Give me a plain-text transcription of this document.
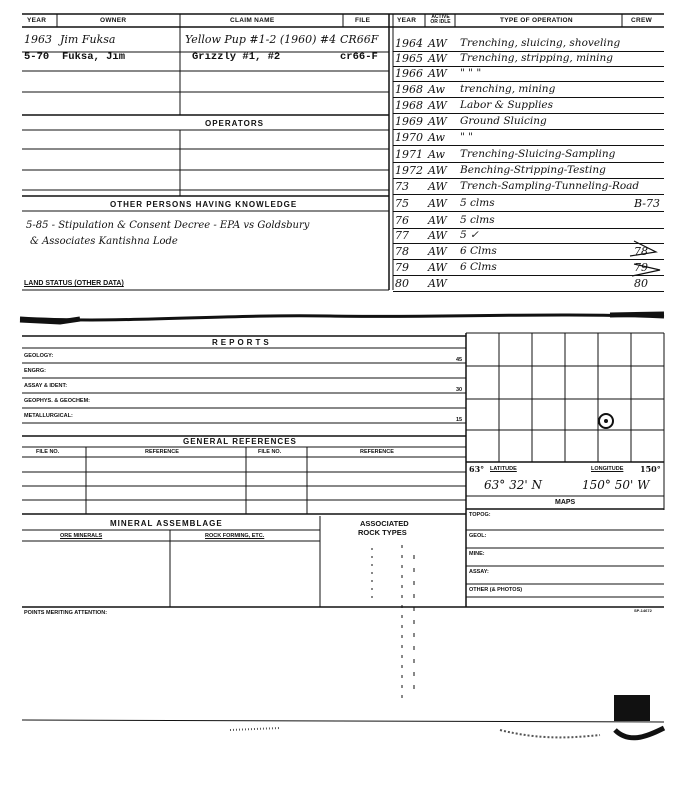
YEAR	OWNER	CLAIM NAME	FILE	YEAR	ACTIVE OR IDLE	TYPE OF OPERATION	CREW
1963 Jim Fuksa	Yellow Pup #1-2 (1960) #4 CR66F
5-70 Fuksa, Jim	Grizzly #1, #2	cr66-F
OPERATORS
OTHER PERSONS HAVING KNOWLEDGE
5-85 - Stipulation & Consent Decree - EPA vs Goldsbury
& Associates Kantishna Lode
LAND STATUS (OTHER DATA)
1964 AW Trenching, sluicing, shoveling
1965 AW Trenching, stripping, mining
1966 AW " " "
1968 Aw trenching, mining
1968 AW Labor & Supplies
1969 AW Ground Sluicing
1970 Aw " "
1971 Aw Trenching-Sluicing-Sampling
1972 AW Benching-Stripping-Testing
73 AW Trench-Sampling-Tunneling-Road
75 AW 5 clms	B-73
76 AW 5 clms
77 AW 5 ✓
78 AW 6 Clms	78
79 AW 6 Clms	79
80 AW	80
REPORTS
GEOLOGY:
45
ENGRG:
ASSAY & IDENT:
30
GEOPHYS. & GEOCHEM:
METALLURGICAL:
15
GENERAL REFERENCES
FILE NO.	REFERENCE	FILE NO.	REFERENCE
63° LATITUDE	LONGITUDE 150°
63° 32' N	150° 50' W
MAPS
TOPOG:
GEOL:
MINE:
ASSAY:
OTHER (& PHOTOS)
MINERAL ASSEMBLAGE
ORE MINERALS	ROCK FORMING, ETC.
ASSOCIATED
ROCK TYPES
POINTS MERITING ATTENTION:	SP-14672
